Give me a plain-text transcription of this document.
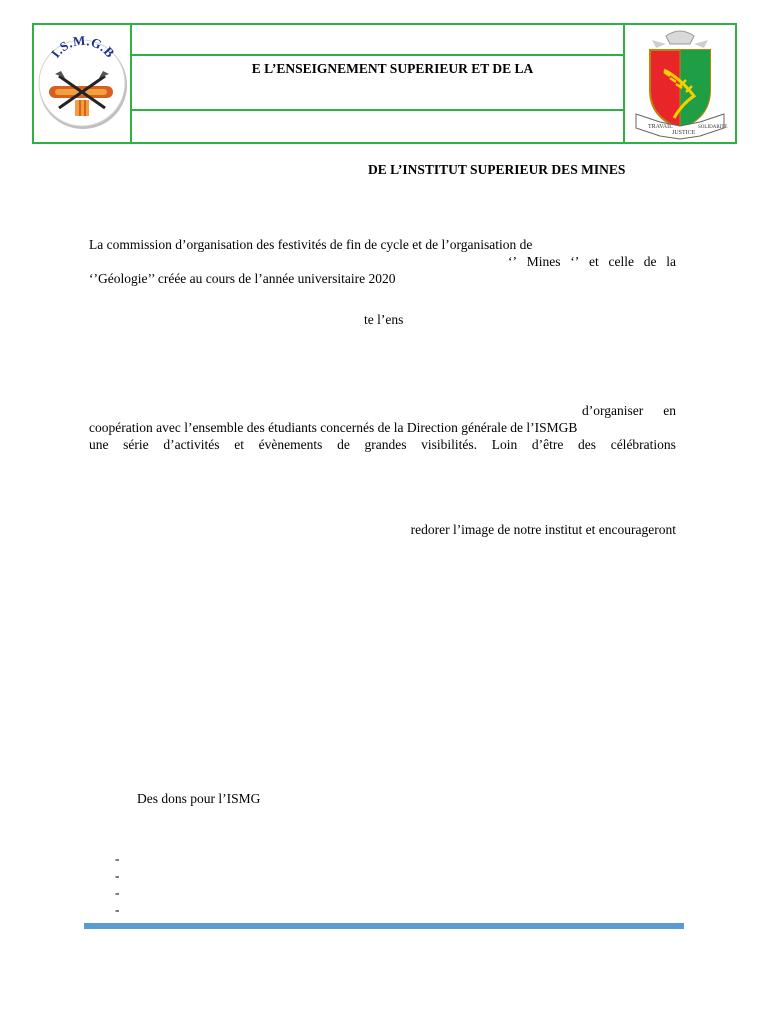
I.S.M.G.B
E L’ENSEIGNEMENT SUPERIEUR ET DE LA
TRAVAIL
JUSTICE
SOLIDARITE
DE L’INSTITUT SUPERIEUR DES MINES
La commission d’organisation des festivités de fin de cycle et de l’organisation de
‘’ Mines ‘’ et celle de la
‘’Géologie’’ créée au cours de l’année universitaire 2020
te l’ens
d’organiser en
coopération avec l’ensemble des étudiants concernés de la Direction générale de l’ISMGB
une série d’activités et évènements de grandes visibilités. Loin d’être des célébrations
redorer l’image de notre institut et encourageront
Des dons pour l’ISMG
-
-
-
-
